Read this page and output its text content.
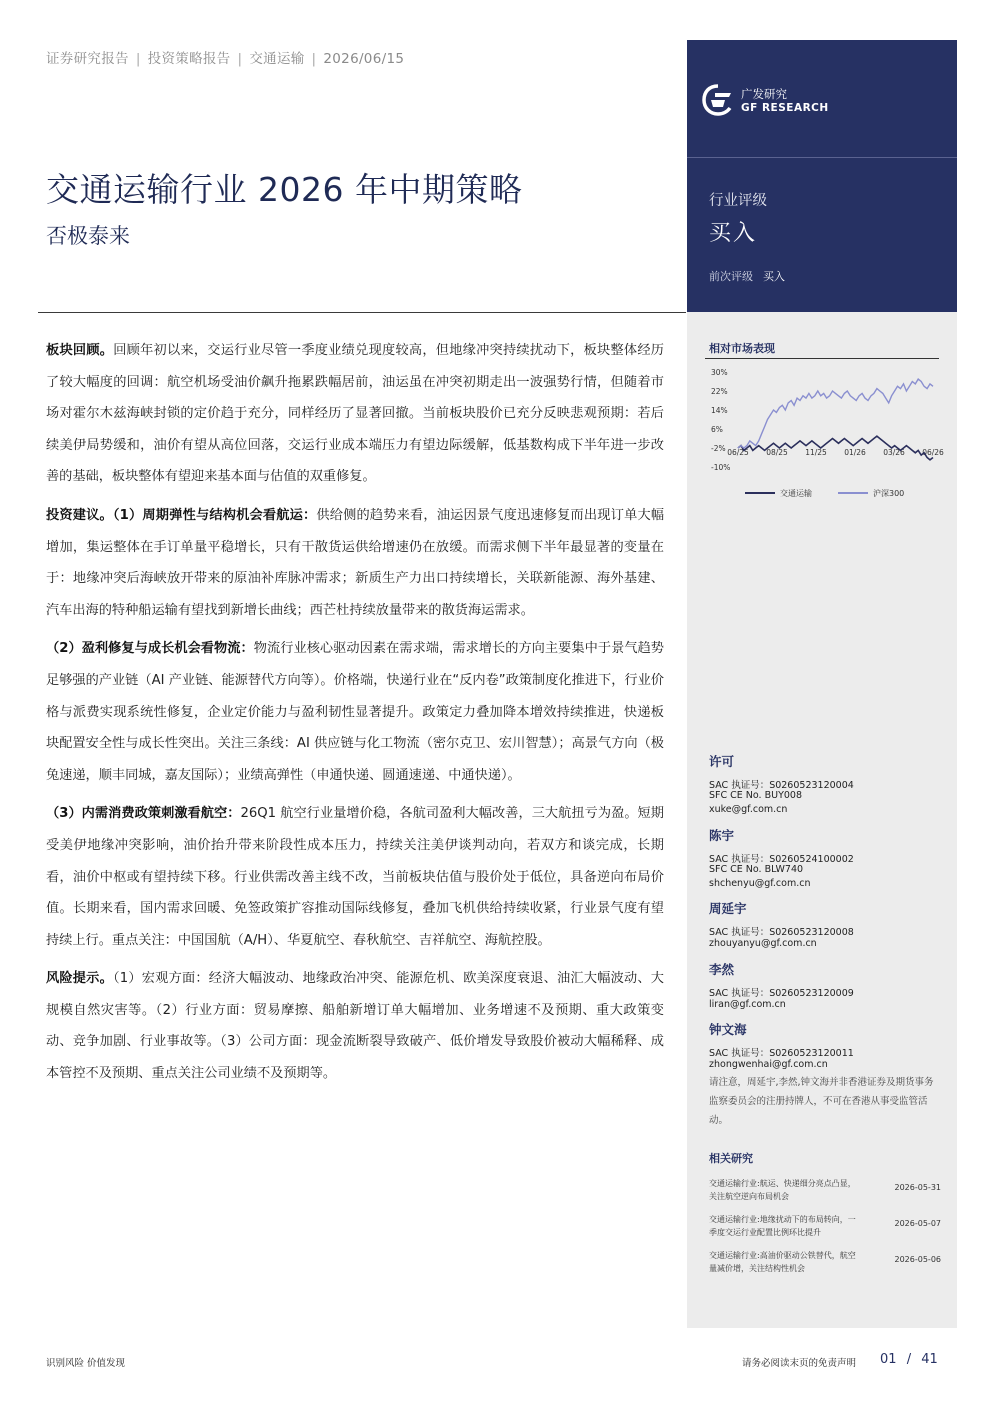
证券研究报告 | 投资策略报告 | 交通运输 | 2026/06/15
交通运输行业 2026 年中期策略
否极泰来
广发研究
GF RESEARCH
行业评级
买入
前次评级 买入
相对市场表现
30%
22%
14%
6%
-2%
-10%
06/25 08/25 11/25 01/26 03/26 06/26
交通运输	沪深300
许可
SAC 执证号：S0260523120004
SFC CE No. BUY008
xuke@gf.com.cn
陈宇
SAC 执证号：S0260524100002
SFC CE No. BLW740
shchenyu@gf.com.cn
周延宇
SAC 执证号：S0260523120008
zhouyanyu@gf.com.cn
李然
SAC 执证号：S0260523120009
liran@gf.com.cn
钟文海
SAC 执证号：S0260523120011
zhongwenhai@gf.com.cn
请注意，周延宇,李然,钟文海并非香港证券及期货事务监察委员会的注册持牌人，不可在香港从事受监管活动。
相关研究
交通运输行业:航运、快递细分亮点凸显，关注航空逆向布局机会
2026-05-31
交通运输行业:地缘扰动下的布局转向，一季度交运行业配置比例环比提升
2026-05-07
交通运输行业:高油价驱动公铁替代，航空量减价增，关注结构性机会
2026-05-06

板块回顾。回顾年初以来，交运行业尽管一季度业绩兑现度较高，但地缘冲突持续扰动下，板块整体经历了较大幅度的回调：航空机场受油价飙升拖累跌幅居前，油运虽在冲突初期走出一波强势行情，但随着市场对霍尔木兹海峡封锁的定价趋于充分，同样经历了显著回撤。当前板块股价已充分反映悲观预期：若后续美伊局势缓和，油价有望从高位回落，交运行业成本端压力有望边际缓解，低基数构成下半年进一步改善的基础，板块整体有望迎来基本面与估值的双重修复。

投资建议。（1）周期弹性与结构机会看航运：供给侧的趋势来看，油运因景气度迅速修复而出现订单大幅增加，集运整体在手订单量平稳增长，只有干散货运供给增速仍在放缓。而需求侧下半年最显著的变量在于：地缘冲突后海峡放开带来的原油补库脉冲需求；新质生产力出口持续增长，关联新能源、海外基建、汽车出海的特种船运输有望找到新增长曲线；西芒杜持续放量带来的散货海运需求。

（2）盈利修复与成长机会看物流：物流行业核心驱动因素在需求端，需求增长的方向主要集中于景气趋势足够强的产业链（AI 产业链、能源替代方向等）。价格端，快递行业在“反内卷”政策制度化推进下，行业价格与派费实现系统性修复，企业定价能力与盈利韧性显著提升。政策定力叠加降本增效持续推进，快递板块配置安全性与成长性突出。关注三条线：AI 供应链与化工物流（密尔克卫、宏川智慧）；高景气方向（极兔速递，顺丰同城，嘉友国际）；业绩高弹性（申通快递、圆通速递、中通快递）。

（3）内需消费政策刺激看航空：26Q1 航空行业量增价稳，各航司盈利大幅改善，三大航扭亏为盈。短期受美伊地缘冲突影响，油价抬升带来阶段性成本压力，持续关注美伊谈判动向，若双方和谈完成，长期看，油价中枢或有望持续下移。行业供需改善主线不改，当前板块估值与股价处于低位，具备逆向布局价值。长期来看，国内需求回暖、免签政策扩容推动国际线修复，叠加飞机供给持续收紧，行业景气度有望持续上行。重点关注：中国国航（A/H）、华夏航空、春秋航空、吉祥航空、海航控股。

风险提示。（1）宏观方面：经济大幅波动、地缘政治冲突、能源危机、欧美深度衰退、油汇大幅波动、大规模自然灾害等。（2）行业方面：贸易摩擦、船舶新增订单大幅增加、业务增速不及预期、重大政策变动、竞争加剧、行业事故等。（3）公司方面：现金流断裂导致破产、低价增发导致股价被动大幅稀释、成本管控不及预期、重点关注公司业绩不及预期等。

识别风险 价值发现	请务必阅读末页的免责声明 01 / 41
